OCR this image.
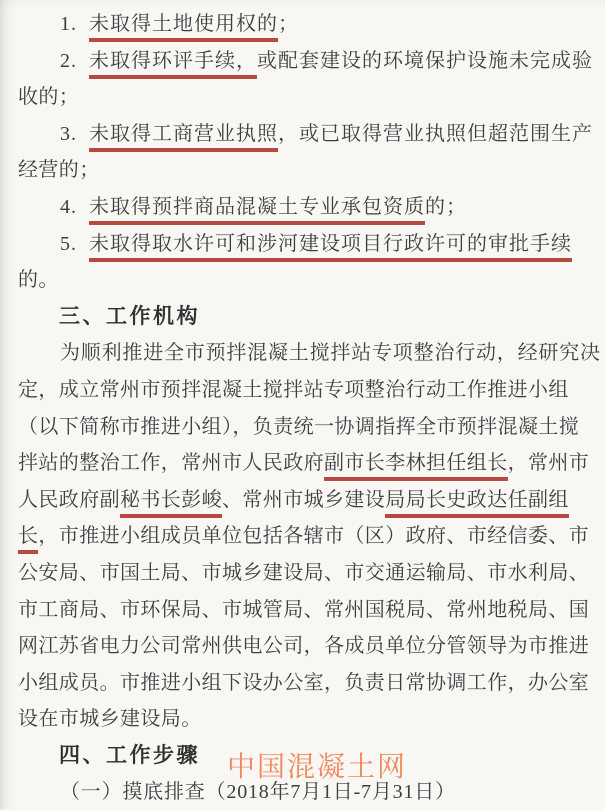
1. 未取得土地使用权的；
2. 未取得环评手续，或配套建设的环境保护设施未完成验
收的；
3. 未取得工商营业执照，或已取得营业执照但超范围生产
经营的；
4. 未取得预拌商品混凝土专业承包资质的；
5. 未取得取水许可和涉河建设项目行政许可的审批手续
的。
三、工作机构
为顺利推进全市预拌混凝土搅拌站专项整治行动，经研究决
定，成立常州市预拌混凝土搅拌站专项整治行动工作推进小组
（以下简称市推进小组），负责统一协调指挥全市预拌混凝土搅
拌站的整治工作，常州市人民政府副市长李林担任组长，常州市
人民政府副秘书长彭峻、常州市城乡建设局局长史政达任副组
长，市推进小组成员单位包括各辖市（区）政府、市经信委、市
公安局、市国土局、市城乡建设局、市交通运输局、市水利局、
市工商局、市环保局、市城管局、常州国税局、常州地税局、国
网江苏省电力公司常州供电公司，各成员单位分管领导为市推进
小组成员。市推进小组下设办公室，负责日常协调工作，办公室
设在市城乡建设局。
四、工作步骤
（一）摸底排查（2018年7月1日-7月31日）
中国混凝土网
